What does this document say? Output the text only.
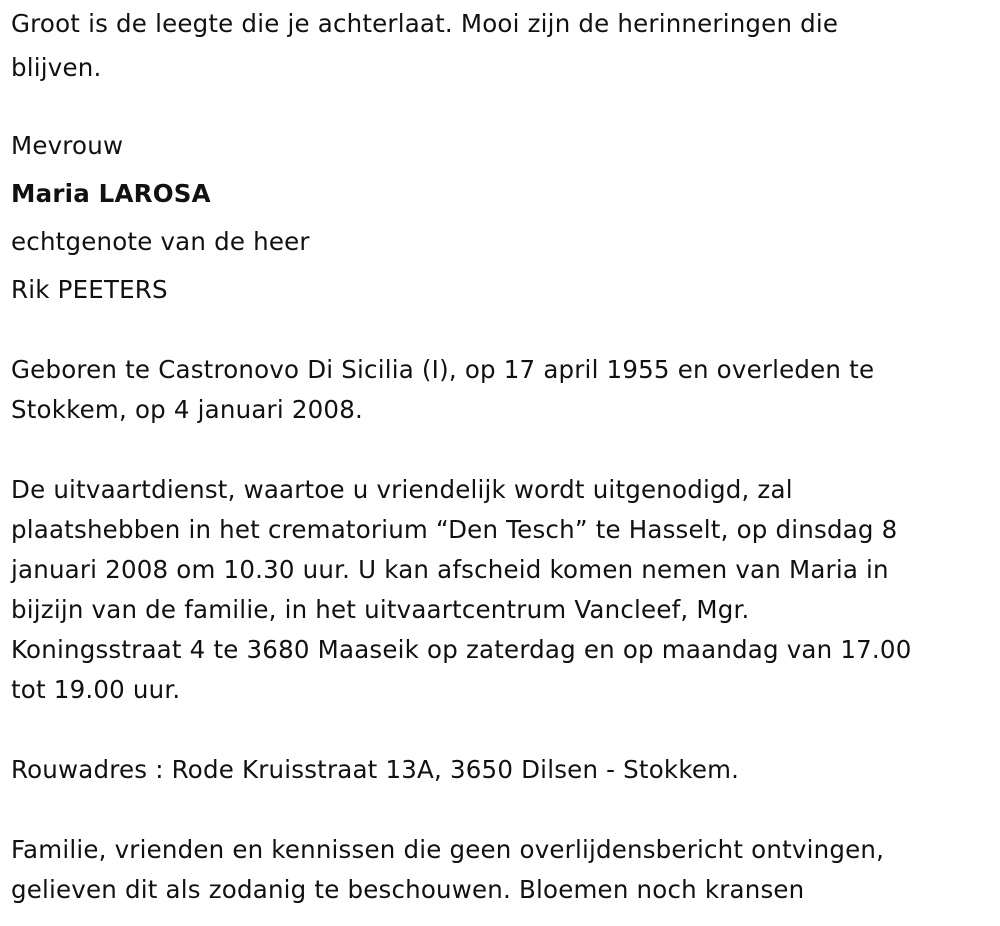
Groot is de leegte die je achterlaat. Mooi zijn de herinneringen die
blijven.
Mevrouw
Maria LAROSA
echtgenote van de heer
Rik PEETERS
Geboren te Castronovo Di Sicilia (I), op 17 april 1955 en overleden te
Stokkem, op 4 januari 2008.
De uitvaartdienst, waartoe u vriendelijk wordt uitgenodigd, zal
plaatshebben in het crematorium “Den Tesch” te Hasselt, op dinsdag 8
januari 2008 om 10.30 uur. U kan afscheid komen nemen van Maria in
bijzijn van de familie, in het uitvaartcentrum Vancleef, Mgr.
Koningsstraat 4 te 3680 Maaseik op zaterdag en op maandag van 17.00
tot 19.00 uur.
Rouwadres : Rode Kruisstraat 13A, 3650 Dilsen - Stokkem.
Familie, vrienden en kennissen die geen overlijdensbericht ontvingen,
gelieven dit als zodanig te beschouwen. Bloemen noch kransen
